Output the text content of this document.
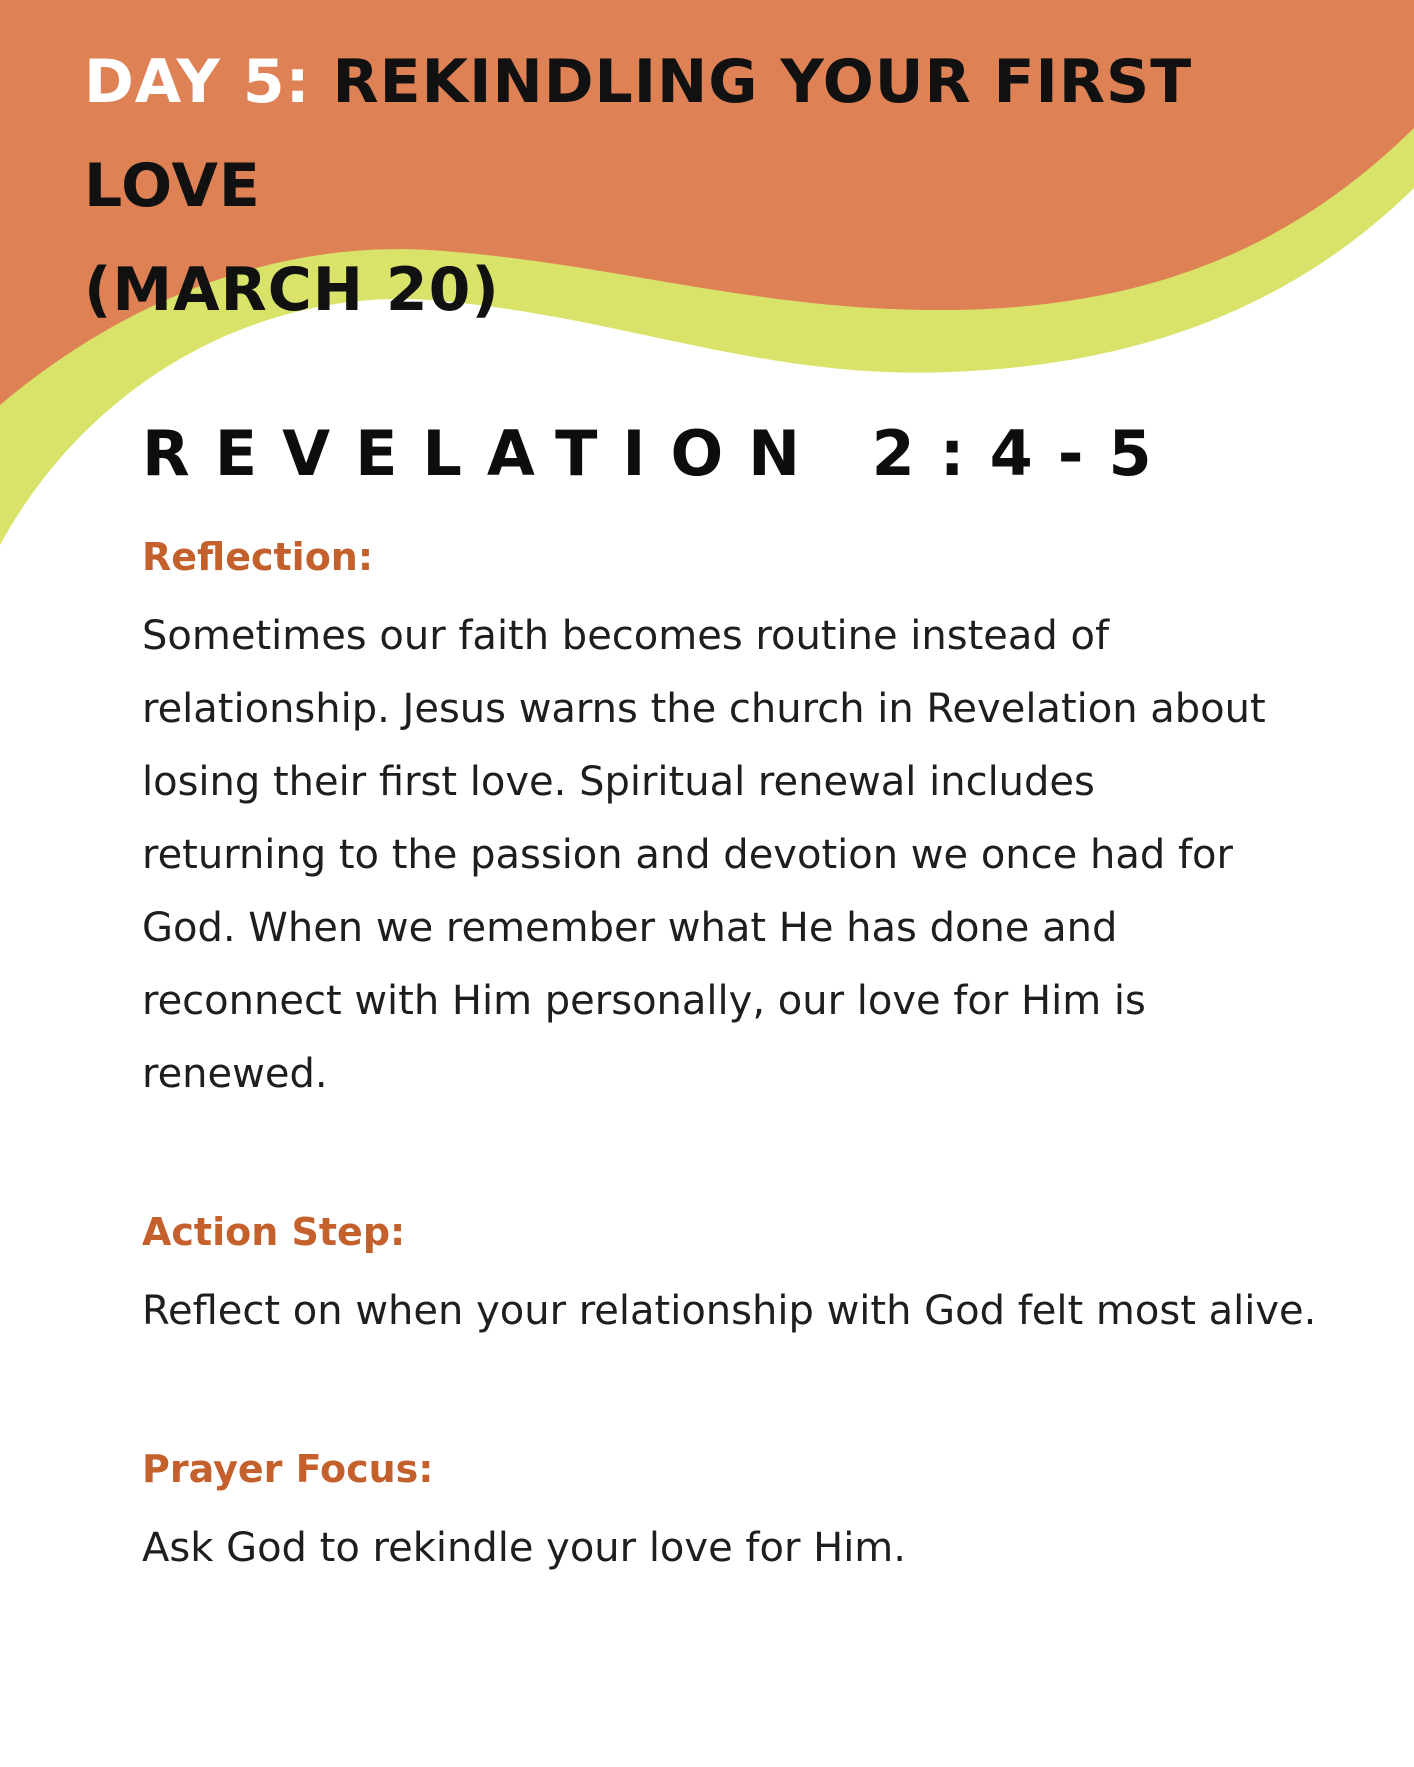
DAY 5: REKINDLING YOUR FIRST LOVE
(MARCH 20)
REVELATION 2:4-5
Reflection:

Sometimes our faith becomes routine instead of relationship. Jesus warns the church in Revelation about losing their first love. Spiritual renewal includes returning to the passion and devotion we once had for God. When we remember what He has done and reconnect with Him personally, our love for Him is renewed.

Action Step:

Reflect on when your relationship with God felt most alive.

Prayer Focus:

Ask God to rekindle your love for Him.
